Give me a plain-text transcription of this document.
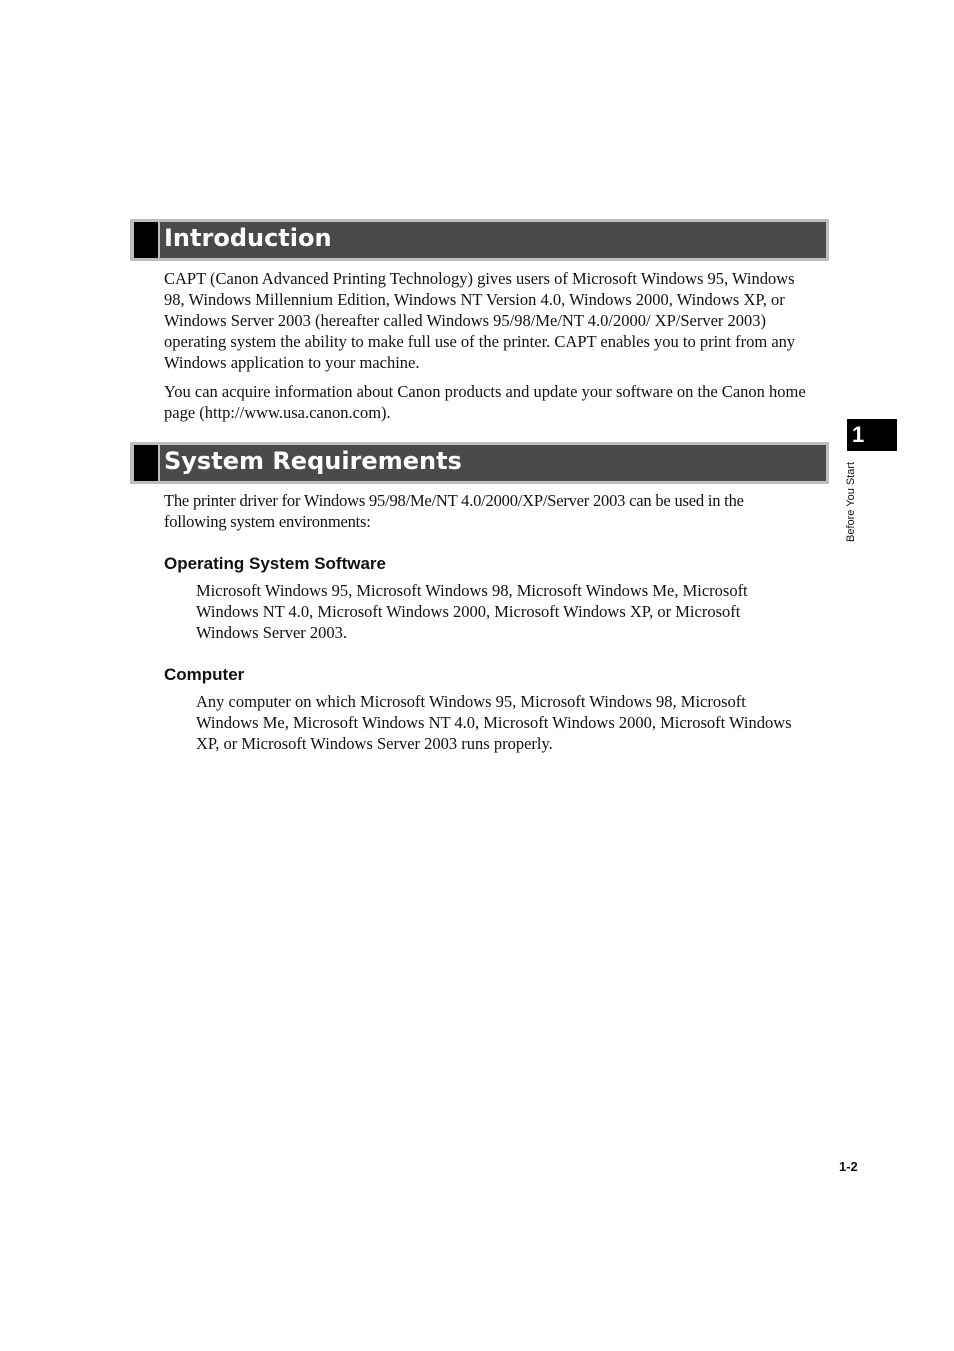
Introduction

CAPT (Canon Advanced Printing Technology) gives users of Microsoft Windows 95, Windows 98, Windows Millennium Edition, Windows NT Version 4.0, Windows 2000, Windows XP, or Windows Server 2003 (hereafter called Windows 95/98/Me/NT 4.0/2000/ XP/Server 2003) operating system the ability to make full use of the printer. CAPT enables you to print from any Windows application to your machine.

You can acquire information about Canon products and update your software on the Canon home page (http://www.usa.canon.com).

System Requirements

The printer driver for Windows 95/98/Me/NT 4.0/2000/XP/Server 2003 can be used in the following system environments:

Operating System Software

Microsoft Windows 95, Microsoft Windows 98, Microsoft Windows Me, Microsoft Windows NT 4.0, Microsoft Windows 2000, Microsoft Windows XP, or Microsoft Windows Server 2003.

Computer

Any computer on which Microsoft Windows 95, Microsoft Windows 98, Microsoft Windows Me, Microsoft Windows NT 4.0, Microsoft Windows 2000, Microsoft Windows XP, or Microsoft Windows Server 2003 runs properly.

1
Before You Start
1-2
